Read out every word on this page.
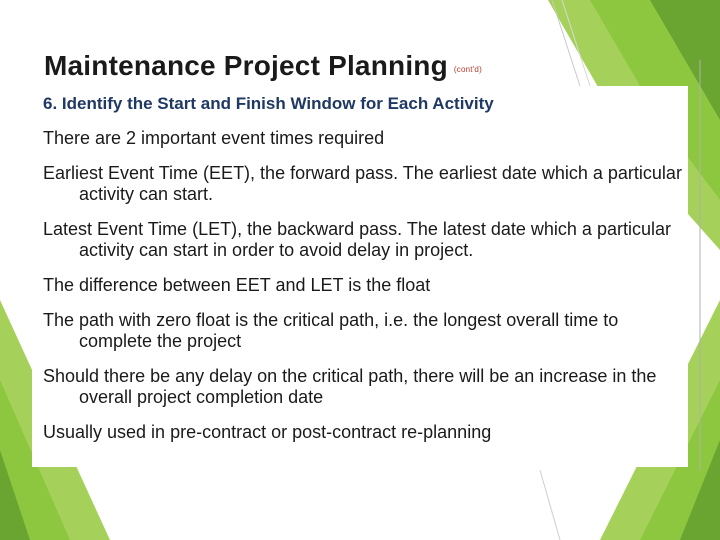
Maintenance Project Planning (cont'd)
6. Identify the Start and Finish Window for Each Activity
There are 2 important event times required
Earliest Event Time (EET), the forward pass. The earliest date which a particular activity can start.
Latest Event Time (LET), the backward pass. The latest date which a particular activity can start in order to avoid delay in project.
The difference between EET and LET is the float
The path with zero float is the critical path, i.e. the longest overall time to complete the project
Should there be any delay on the critical path, there will be an increase in the overall project completion date
Usually used in pre-contract or post-contract re-planning
